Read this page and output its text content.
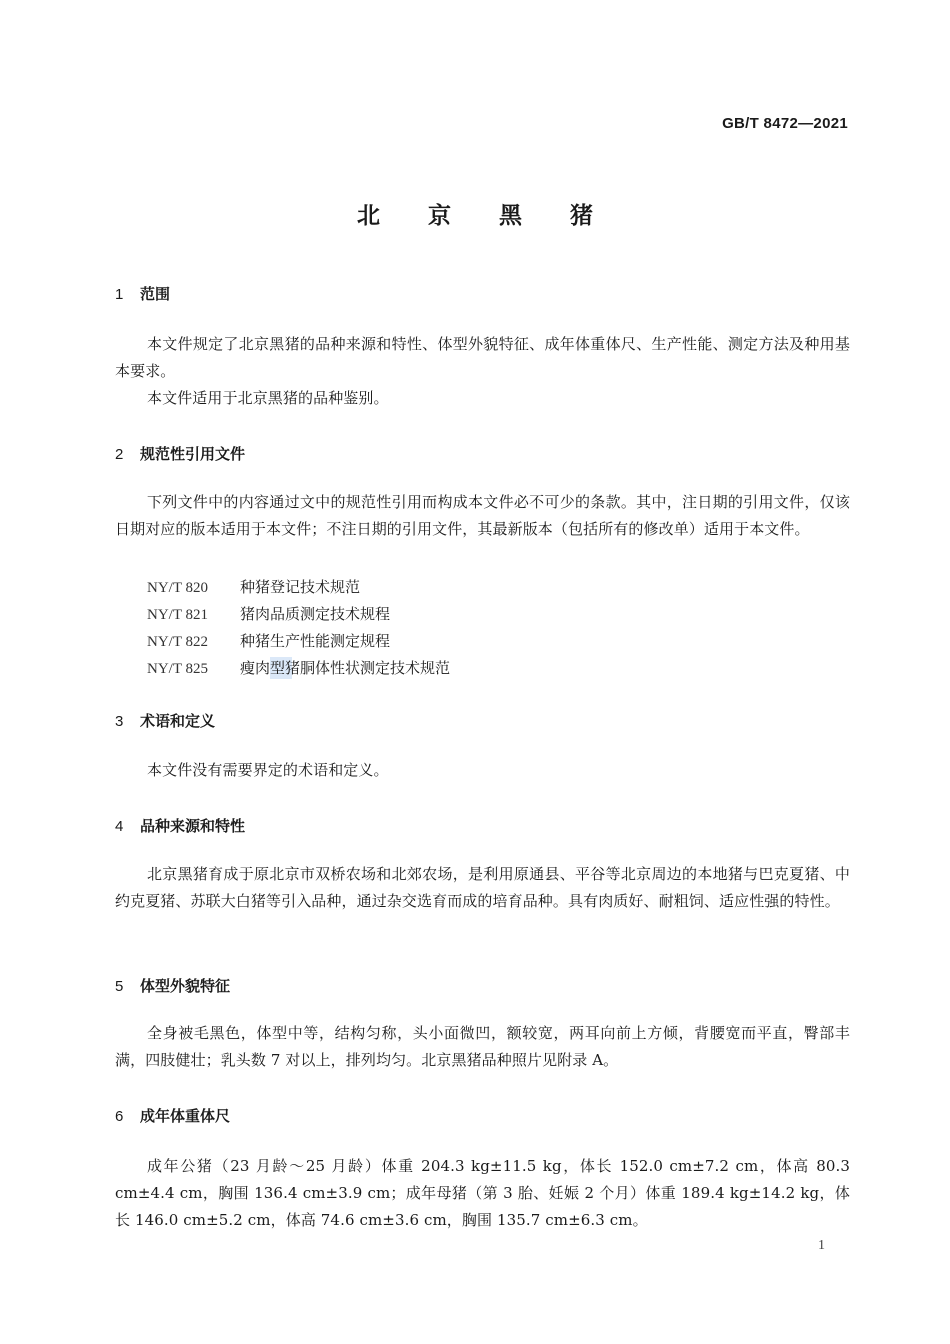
GB/T 8472—2021
北 京 黑 猪
1 范围
本文件规定了北京黑猪的品种来源和特性、体型外貌特征、成年体重体尺、生产性能、测定方法及种用基本要求。
本文件适用于北京黑猪的品种鉴别。
2 规范性引用文件
下列文件中的内容通过文中的规范性引用而构成本文件必不可少的条款。其中，注日期的引用文件，仅该日期对应的版本适用于本文件；不注日期的引用文件，其最新版本（包括所有的修改单）适用于本文件。
NY/T 820 种猪登记技术规范
NY/T 821 猪肉品质测定技术规程
NY/T 822 种猪生产性能测定规程
NY/T 825 瘦肉型猪胴体性状测定技术规范
3 术语和定义
本文件没有需要界定的术语和定义。
4 品种来源和特性
北京黑猪育成于原北京市双桥农场和北郊农场，是利用原通县、平谷等北京周边的本地猪与巴克夏猪、中约克夏猪、苏联大白猪等引入品种，通过杂交选育而成的培育品种。具有肉质好、耐粗饲、适应性强的特性。
5 体型外貌特征
全身被毛黑色，体型中等，结构匀称，头小面微凹，额较宽，两耳向前上方倾，背腰宽而平直，臀部丰满，四肢健壮；乳头数 7 对以上，排列均匀。北京黑猪品种照片见附录 A。
6 成年体重体尺
成年公猪（23 月龄～25 月龄）体重 204.3 kg±11.5 kg，体长 152.0 cm±7.2 cm，体高 80.3 cm±4.4 cm，胸围 136.4 cm±3.9 cm；成年母猪（第 3 胎、妊娠 2 个月）体重 189.4 kg±14.2 kg，体长 146.0 cm±5.2 cm，体高 74.6 cm±3.6 cm，胸围 135.7 cm±6.3 cm。
1
